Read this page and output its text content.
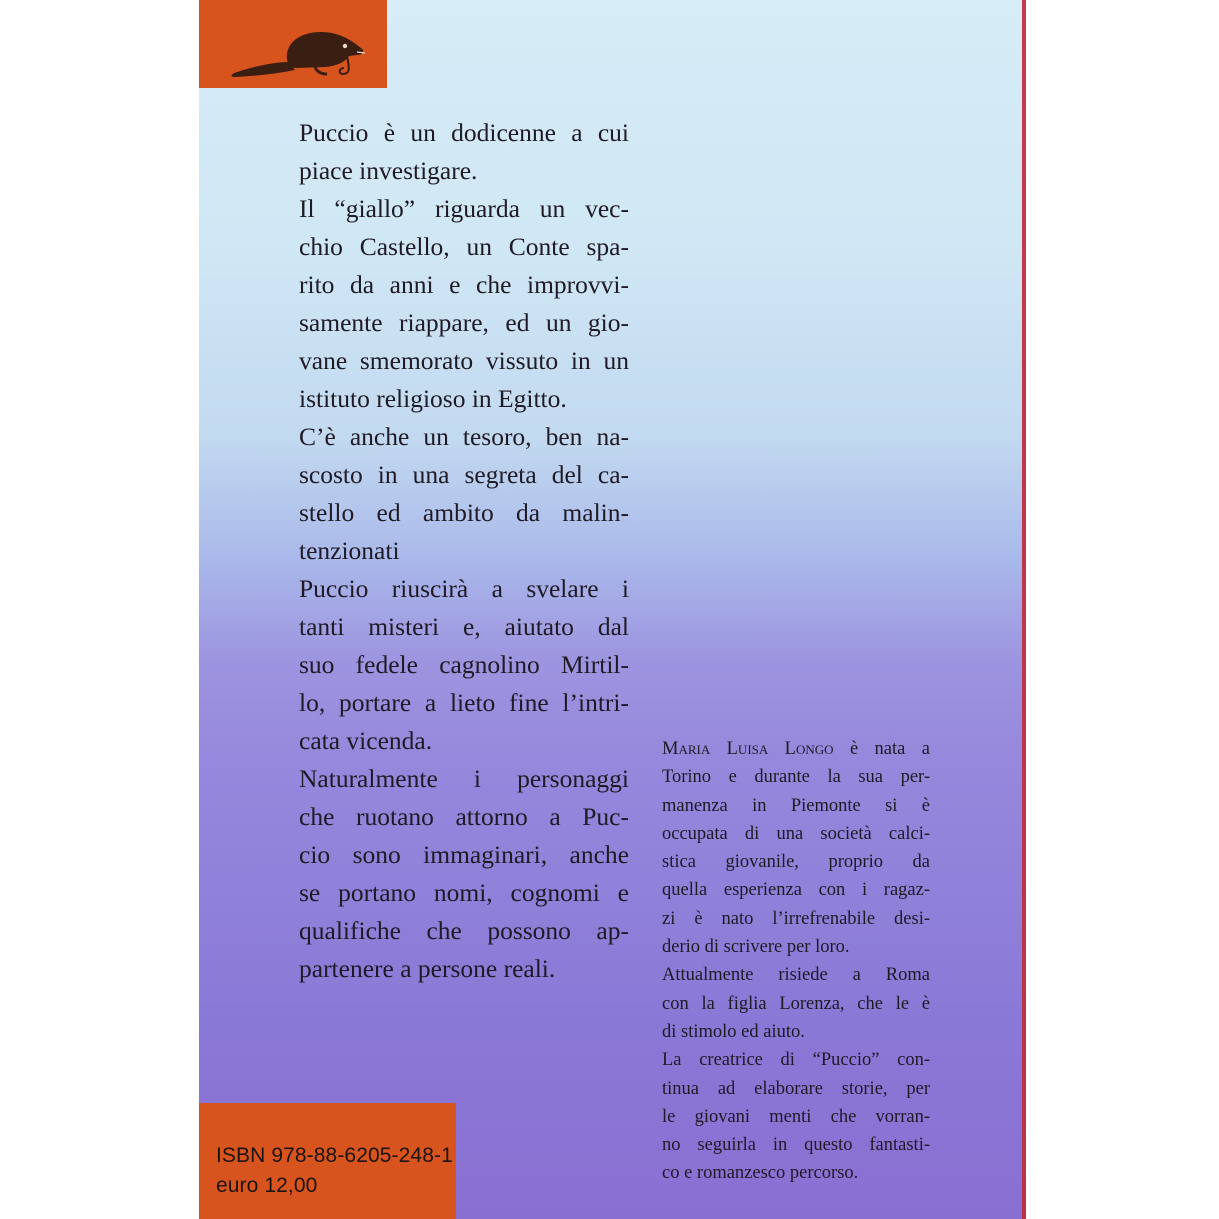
Puccio è un dodicenne a cui
piace investigare.
Il “giallo” riguarda un vec-
chio Castello, un Conte spa-
rito da anni e che improvvi-
samente riappare, ed un gio-
vane smemorato vissuto in un
istituto religioso in Egitto.
C’è anche un tesoro, ben na-
scosto in una segreta del ca-
stello ed ambito da malin-
tenzionati
Puccio riuscirà a svelare i
tanti misteri e, aiutato dal
suo fedele cagnolino Mirtil-
lo, portare a lieto fine l’intri-
cata vicenda.
Naturalmente i personaggi
che ruotano attorno a Puc-
cio sono immaginari, anche
se portano nomi, cognomi e
qualifiche che possono ap-
partenere a persone reali.
Maria Luisa Longo è nata a
Torino e durante la sua per-
manenza in Piemonte si è
occupata di una società calci-
stica giovanile, proprio da
quella esperienza con i ragaz-
zi è nato l’irrefrenabile desi-
derio di scrivere per loro.
Attualmente risiede a Roma
con la figlia Lorenza, che le è
di stimolo ed aiuto.
La creatrice di “Puccio” con-
tinua ad elaborare storie, per
le giovani menti che vorran-
no seguirla in questo fantasti-
co e romanzesco percorso.
ISBN 978-88-6205-248-1
euro 12,00
